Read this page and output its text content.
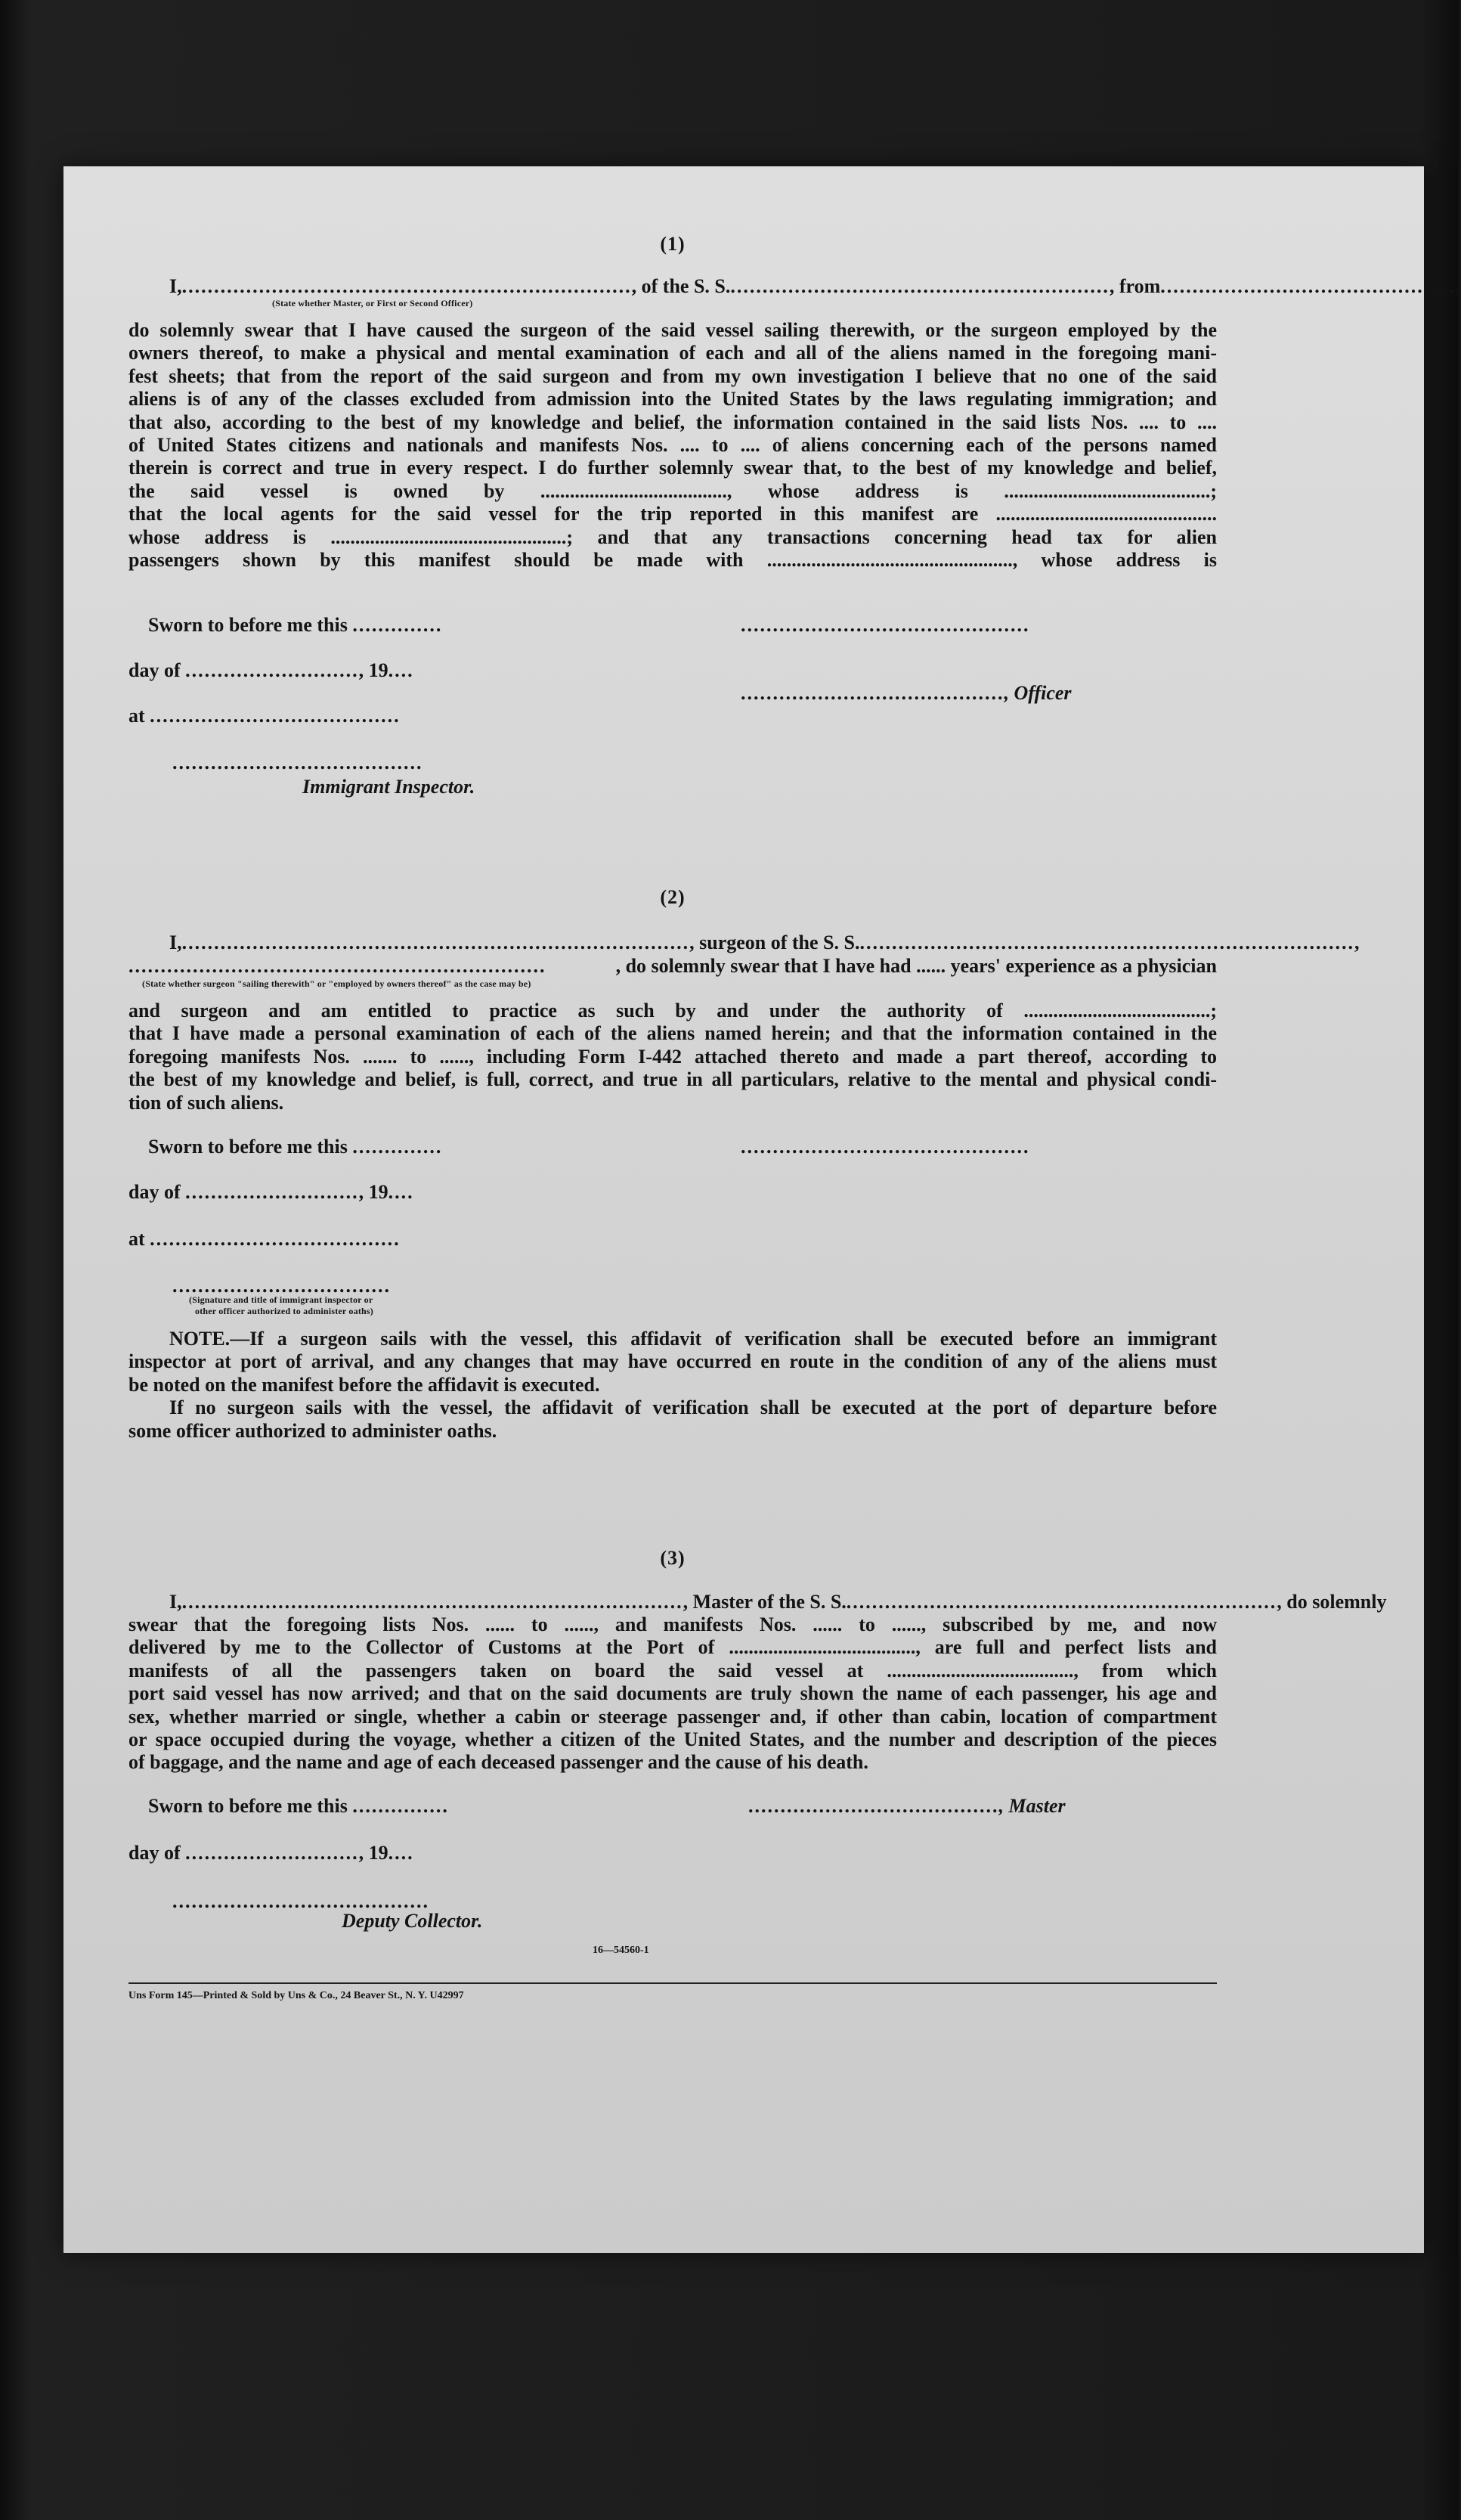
(1)
I, ...................................................................... , of the S. S. ........................................................... , from .............................................. ,
(State whether Master, or First or Second Officer)
do solemnly swear that I have caused the surgeon of the said vessel sailing therewith, or the surgeon employed by the
owners thereof, to make a physical and mental examination of each and all of the aliens named in the foregoing mani-
fest sheets; that from the report of the said surgeon and from my own investigation I believe that no one of the said
aliens is of any of the classes excluded from admission into the United States by the laws regulating immigration; and
that also, according to the best of my knowledge and belief, the information contained in the said lists Nos. .... to ....
of United States citizens and nationals and manifests Nos. .... to .... of aliens concerning each of the persons named
therein is correct and true in every respect. I do further solemnly swear that, to the best of my knowledge and belief,
the said vessel is owned by ......................................, whose address is ..........................................;
that the local agents for the said vessel for the trip reported in this manifest are .............................................
whose address is ................................................; and that any transactions concerning head tax for alien
passengers shown by this manifest should be made with .................................................., whose address is
Sworn to before me this ..............
day of ..........................., 19....
at .......................................
.......................................
Immigrant Inspector.
.............................................
........................................., Officer
(2)
I, ............................................................................... , surgeon of the S. S. ............................................................................. ,
.................................................................	, do solemnly swear that I have had ...... years' experience as a physician
(State whether surgeon "sailing therewith" or "employed by owners thereof" as the case may be)
and surgeon and am entitled to practice as such by and under the authority of ......................................;
that I have made a personal examination of each of the aliens named herein; and that the information contained in the
foregoing manifests Nos. ....... to ......, including Form I-442 attached thereto and made a part thereof, according to
the best of my knowledge and belief, is full, correct, and true in all particulars, relative to the mental and physical condi-
tion of such aliens.
Sworn to before me this ..............	.............................................
day of ..........................., 19....
at .......................................
..................................
(Signature and title of immigrant inspector or
other officer authorized to administer oaths)
NOTE.—If a surgeon sails with the vessel, this affidavit of verification shall be executed before an immigrant
inspector at port of arrival, and any changes that may have occurred en route in the condition of any of the aliens must
be noted on the manifest before the affidavit is executed.
If no surgeon sails with the vessel, the affidavit of verification shall be executed at the port of departure before
some officer authorized to administer oaths.
(3)
I, .............................................................................. , Master of the S. S. ................................................................... , do solemnly
swear that the foregoing lists Nos. ...... to ......, and manifests Nos. ...... to ......, subscribed by me, and now
delivered by me to the Collector of Customs at the Port of ......................................, are full and perfect lists and
manifests of all the passengers taken on board the said vessel at ......................................, from which
port said vessel has now arrived; and that on the said documents are truly shown the name of each passenger, his age and
sex, whether married or single, whether a cabin or steerage passenger and, if other than cabin, location of compartment
or space occupied during the voyage, whether a citizen of the United States, and the number and description of the pieces
of baggage, and the name and age of each deceased passenger and the cause of his death.
Sworn to before me this ...............	......................................., Master
day of ..........................., 19....
........................................
Deputy Collector.
16—54560-1
Uns Form 145—Printed & Sold by Uns & Co., 24 Beaver St., N. Y. U42997
